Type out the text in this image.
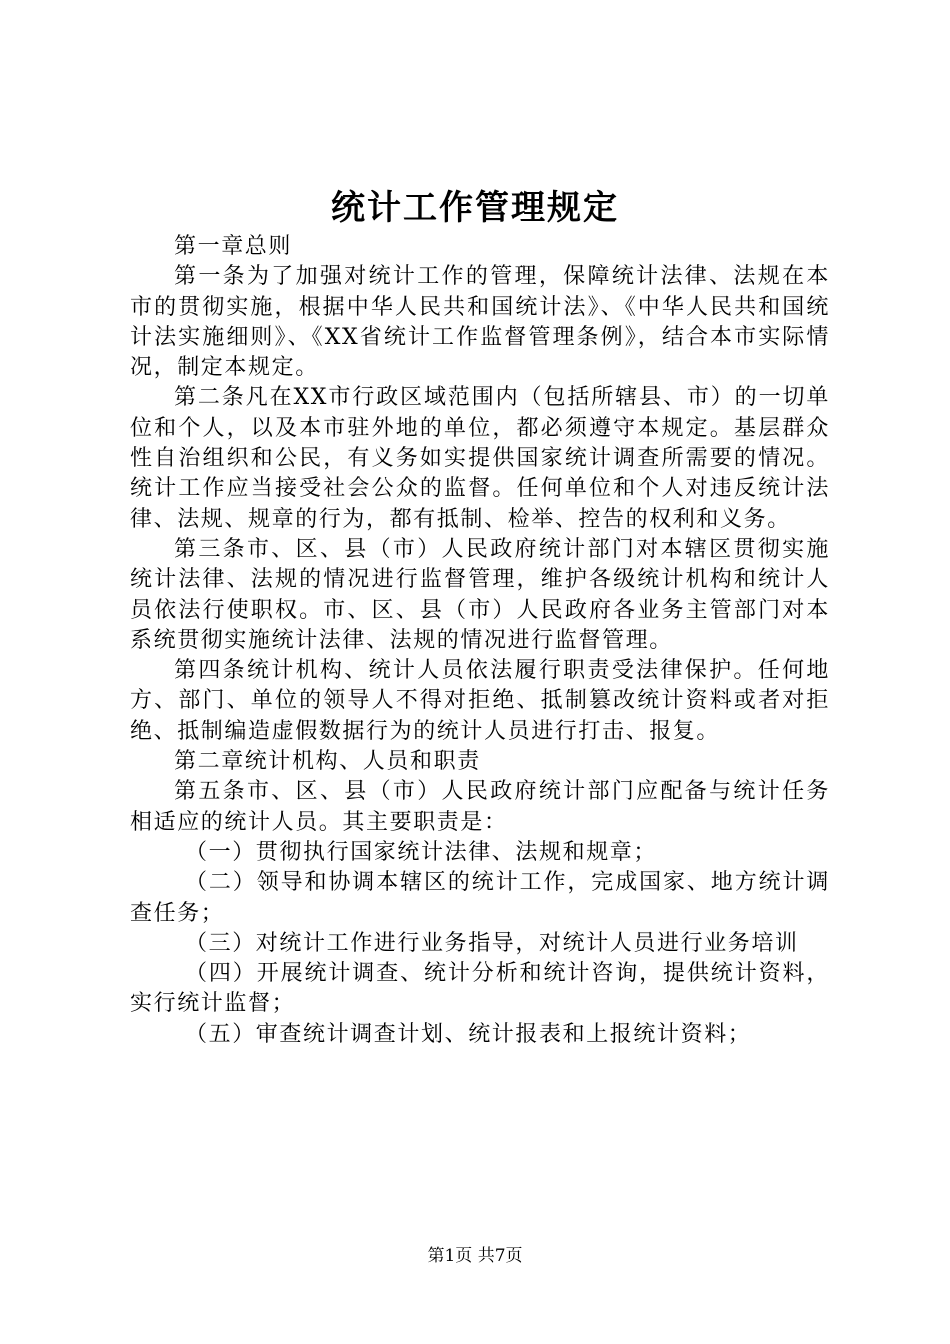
统计工作管理规定

第一章总则

第一条为了加强对统计工作的管理，保障统计法律、法规在本市的贯彻实施，根据中华人民共和国统计法》、《中华人民共和国统计法实施细则》、《XX省统计工作监督管理条例》，结合本市实际情况，制定本规定。

第二条凡在XX市行政区域范围内（包括所辖县、市）的一切单位和个人，以及本市驻外地的单位，都必须遵守本规定。基层群众性自治组织和公民，有义务如实提供国家统计调查所需要的情况。统计工作应当接受社会公众的监督。任何单位和个人对违反统计法律、法规、规章的行为，都有抵制、检举、控告的权利和义务。

第三条市、区、县（市）人民政府统计部门对本辖区贯彻实施统计法律、法规的情况进行监督管理，维护各级统计机构和统计人员依法行使职权。市、区、县（市）人民政府各业务主管部门对本系统贯彻实施统计法律、法规的情况进行监督管理。

第四条统计机构、统计人员依法履行职责受法律保护。任何地方、部门、单位的领导人不得对拒绝、抵制篡改统计资料或者对拒绝、抵制编造虚假数据行为的统计人员进行打击、报复。

第二章统计机构、人员和职责

第五条市、区、县（市）人民政府统计部门应配备与统计任务相适应的统计人员。其主要职责是：

（一）贯彻执行国家统计法律、法规和规章；

（二）领导和协调本辖区的统计工作，完成国家、地方统计调查任务；

（三）对统计工作进行业务指导，对统计人员进行业务培训

（四）开展统计调查、统计分析和统计咨询，提供统计资料，实行统计监督；

（五）审查统计调查计划、统计报表和上报统计资料；

第1页 共7页
